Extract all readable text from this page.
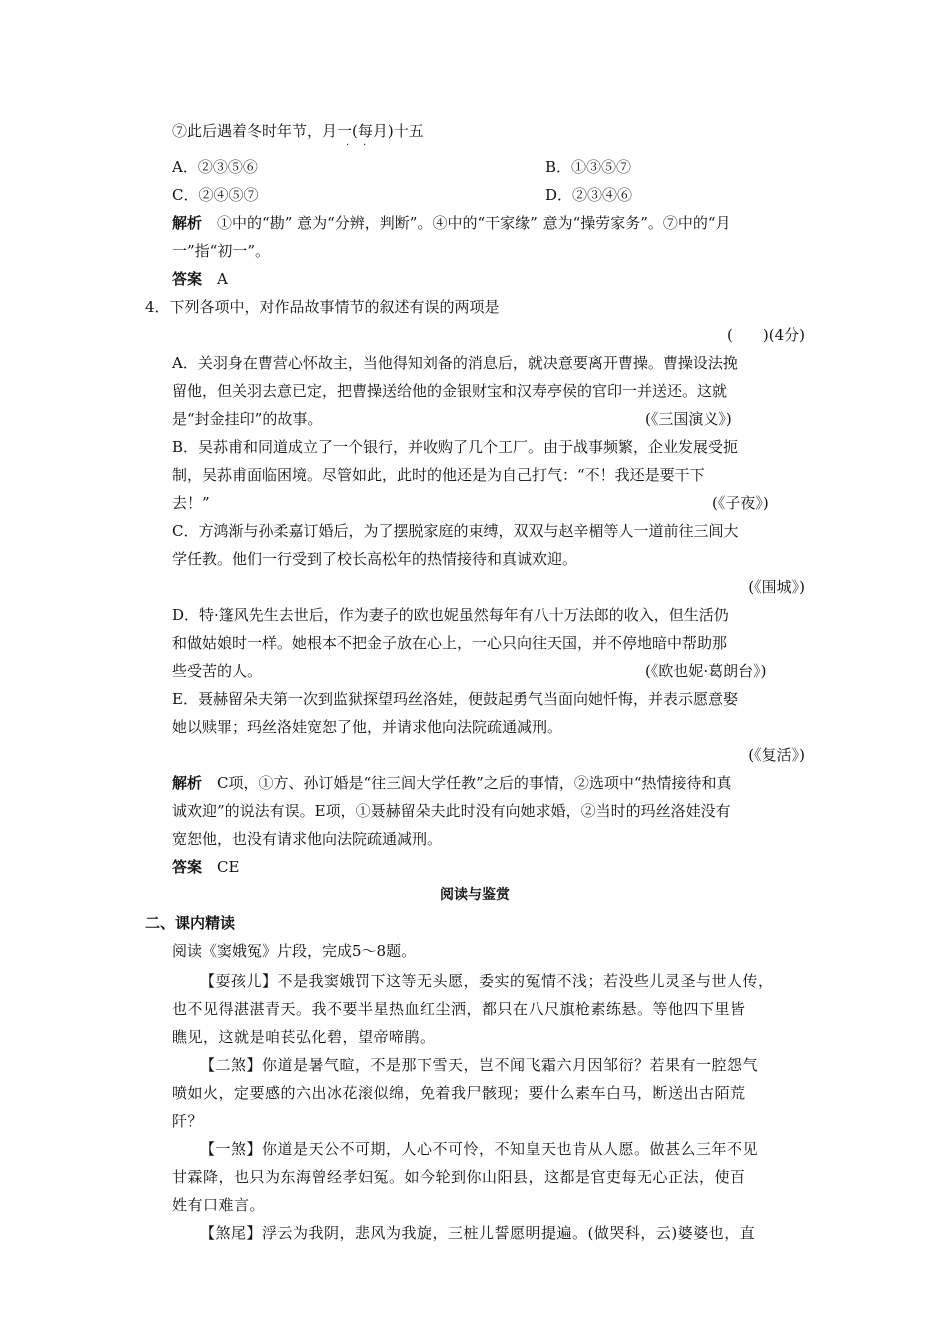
⑦此后遇着冬时年节，月一(每月)十五
··
A．②③⑤⑥	B．①③⑤⑦
C．②④⑤⑦	D．②③④⑥
解析　 ①中的“勘” 意为“分辨，判断”。④中的“干家缘” 意为“操劳家务”。⑦中的“月
一”指“初一”。
答案　 A
4．下列各项中，对作品故事情节的叙述有误的两项是
(　　)(4分)
A．关羽身在曹营心怀故主，当他得知刘备的消息后，就决意要离开曹操。曹操设法挽
留他，但关羽去意已定，把曹操送给他的金银财宝和汉寿亭侯的官印一并送还。这就
是“封金挂印”的故事。	(《三国演义》)
B．吴荪甫和同道成立了一个银行，并收购了几个工厂。由于战事频繁，企业发展受扼
制，吴荪甫面临困境。尽管如此，此时的他还是为自己打气：“不！我还是要干下
去！”	(《子夜》)
C．方鸿渐与孙柔嘉订婚后，为了摆脱家庭的束缚，双双与赵辛楣等人一道前往三闾大
学任教。他们一行受到了校长高松年的热情接待和真诚欢迎。
(《围城》)
D．特·篷风先生去世后，作为妻子的欧也妮虽然每年有八十万法郎的收入，但生活仍
和做姑娘时一样。她根本不把金子放在心上，一心只向往天国，并不停地暗中帮助那
些受苦的人。	(《欧也妮·葛朗台》)
E．聂赫留朵夫第一次到监狱探望玛丝洛娃，便鼓起勇气当面向她忏悔，并表示愿意娶
她以赎罪；玛丝洛娃宽恕了他，并请求他向法院疏通减刑。
(《复活》)
解析　 C项，①方、孙订婚是“往三闾大学任教”之后的事情，②选项中“热情接待和真
诚欢迎”的说法有误。E项，①聂赫留朵夫此时没有向她求婚，②当时的玛丝洛娃没有
宽恕他，也没有请求他向法院疏通减刑。
答案　 CE
阅读与鉴赏
二、课内精读
阅读《窦娥冤》片段，完成5～8题。
【耍孩儿】不是我窦娥罚下这等无头愿，委实的冤情不浅；若没些儿灵圣与世人传，
也不见得湛湛青天。我不要半星热血红尘洒，都只在八尺旗枪素练悬。等他四下里皆
瞧见，这就是咱苌弘化碧，望帝啼鹃。
【二煞】你道是暑气暄，不是那下雪天，岂不闻飞霜六月因邹衍？若果有一腔怨气
喷如火，定要感的六出冰花滚似绵，免着我尸骸现；要什么素车白马，断送出古陌荒
阡？
【一煞】你道是天公不可期，人心不可怜，不知皇天也肯从人愿。做甚么三年不见
甘霖降，也只为东海曾经孝妇冤。如今轮到你山阳县，这都是官吏每无心正法，使百
姓有口难言。
【煞尾】浮云为我阴，悲风为我旋，三桩儿誓愿明提遍。(做哭科，云)婆婆也，直
